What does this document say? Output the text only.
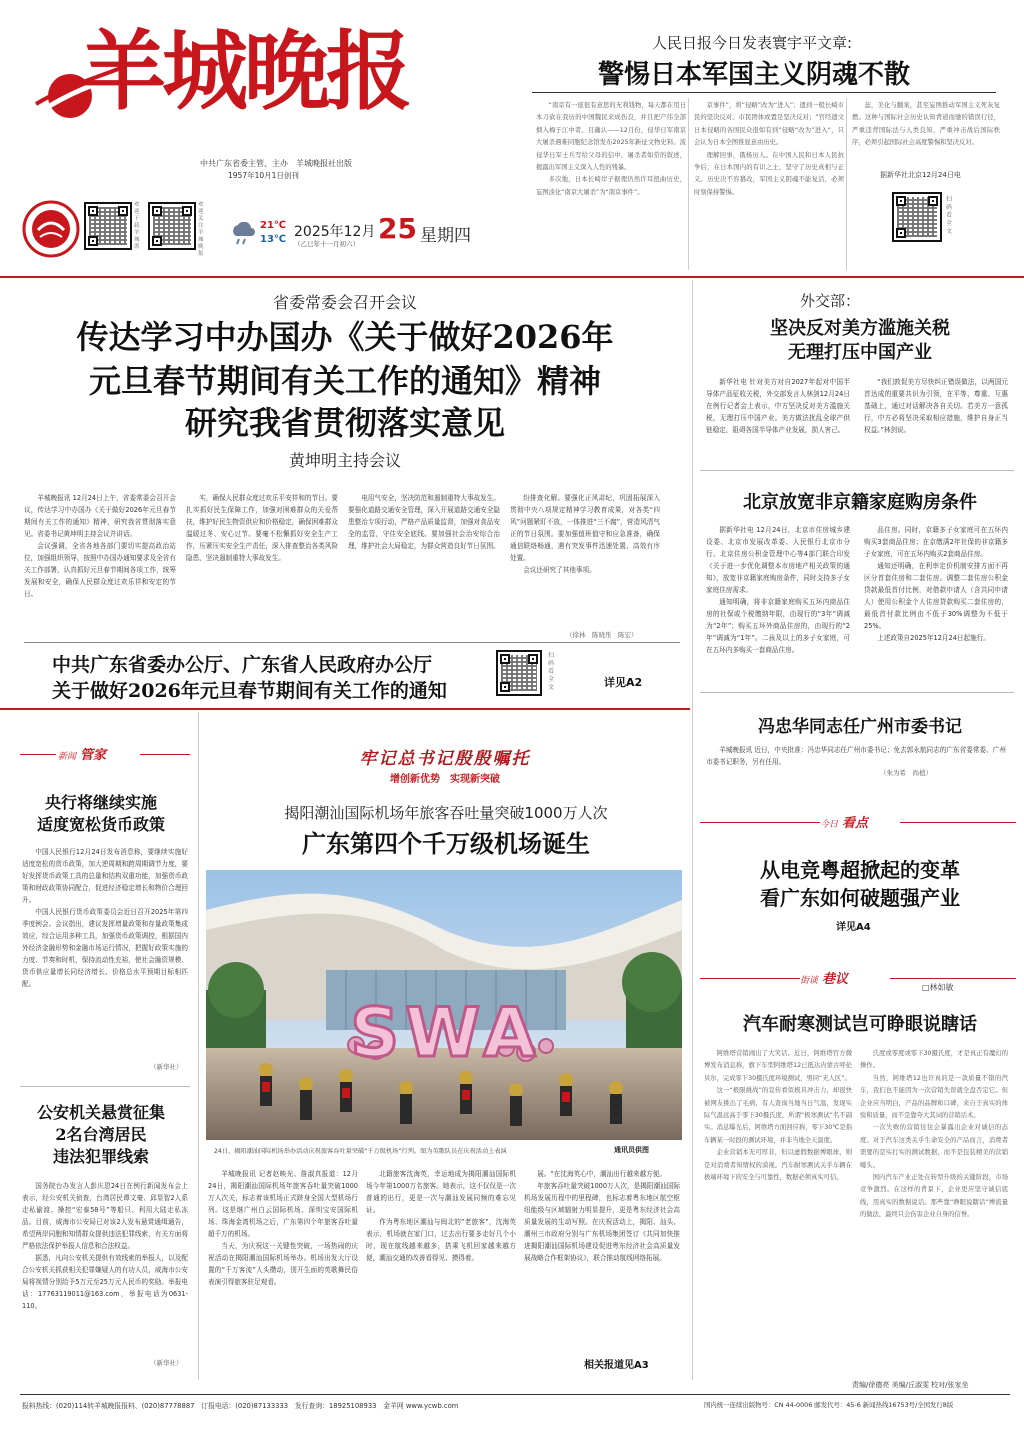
羊城晚报
中共广东省委主管、主办　羊城晚报社出版
1957年10月1日创刊
欢迎下载羊城派
欢迎关注羊城晚报
21℃
13℃ 2025年12月
（乙巳年十一月初六） 25 星期四
人民日报今日发表寰宇平文章:
警惕日本军国主义阴魂不散

“南京有一座很有意思的无利钱物，每天都在用日本刀砍在我历的中国魏民来成伤良，并且把产伟全部烟入梅子江中者。且确认——12月份，侵华日军南京大屠杀遇难同胞纪念馆发布2025年新征文物史料。流侵华日军士兵写给父母的信中，屠杀者如常的叙述，揭露出军国主义深入人性的残暴。

多次地，日本长崎岸子据理仍然许耳扭曲历史，妄图淡化“南京大屠杀”为“南京事件”。

京事件”，将“侵略”改为“进入”；遗到一般长崎市民的坚决反对。市民团体或置是坚决反对；“官经遗文日本侵略的各国民众很如有到”侵略“改为”进入“，只会认为日本全图推显意由历史。

理解回事，俄杨历人。在中国人民和日本人民抗争后，在日本国内的有识之士，坚守了历史真相与正义。历史决不容篡改，军国主义阴魂不能复活，必须时刻保持警惕。

蕊，美化与翻案，甚至妄图推动军国主义死灰复燃。这种与国际社会历史认知背道而驰的错误行径，严重违背国际法与人类良知，严重冲击战后国际秩序，必须引起国际社会高度警惕和坚决反对。

据新华社北京12月24日电
扫码看全文
省委常委会召开会议
传达学习中办国办《关于做好2026年
元旦春节期间有关工作的通知》精神
研究我省贯彻落实意见
黄坤明主持会议

羊城晚报讯 12月24日上午，省委常委会召开会议，传达学习中办国办《关于做好2026年元旦春节期间有关工作的通知》精神，研究我省贯彻落实意见。省委书记黄坤明主持会议并讲话。

会议强调，全省各地各部门要切实提高政治站位，加强组织领导，按照中办国办通知要求及全省有关工作部署，认真抓好元旦春节期间各项工作，统筹发展和安全，确保人民群众度过欢乐祥和安定的节日。

实，确保人民群众度过欢乐平安祥和的节日。要扎实抓好民生保障工作，加强对困难群众的关爱帮扶，维护好民生物资供应和价格稳定，确保困难群众温暖过冬、安心过节。要毫不松懈抓好安全生产工作，压紧压实安全生产责任，深入排查整治各类风险隐患，坚决遏制重特大事故发生。

电用气安全，坚决防范和遏制重特大事故发生。要强化道路交通安全管理，深入开展道路交通安全隐患整治专项行动，严格产品质量监督，加强对食品安全的监管，守住安全底线。要加强社会治安综合治理，维护社会大局稳定，为群众营造良好节日氛围。

纷排查化解。要强化正风肃纪，巩固拓展深入贯彻中央八项规定精神学习教育成果，对各类“四风”问题紧盯不放，一体推进“三不腐”，营造风清气正的节日氛围。要加强值班值守和应急准备，确保通信联络畅通，遇有突发事件迅速处置、高效有序处置。

会议还研究了其他事项。

（徐林　陈晓彤　陈宏）
中共广东省委办公厅、广东省人民政府办公厅
关于做好2026年元旦春节期间有关工作的通知
扫码看全文	详见A2
外交部：
坚决反对美方滥施关税
无理打压中国产业

新华社电 针对美方对自2027年起对中国半导体产品征收关税，外交部发言人林剑12月24日在例行记者会上表示，中方坚决反对美方滥施关税，无理打压中国产业。美方做法扰乱全球产供链稳定，阻碍各国半导体产业发展，损人害己。

“我们敦促美方尽快纠正错误做法，以两国元首达成的重要共识为引领，在平等、尊重、互惠基础上，通过对话解决各自关切。若美方一意孤行，中方必将坚决采取相应措施，维护自身正当权益。”林剑说。

北京放宽非京籍家庭购房条件

据新华社电 12月24日，北京市住房城乡建设委、北京市发展改革委、人民银行北京市分行、北京住房公积金管理中心等4部门联合印发《关于进一步优化调整本市房地产相关政策的通知》，放宽非京籍家庭购房条件，同时支持多子女家庭住房需求。

通知明确，将非京籍家庭购买五环内商品住房的社保或个税缴纳年限，由现行的“3年”调减为“2年”；购买五环外商品住房的，由现行的“2年”调减为“1年”。二孩及以上的多子女家庭，可在五环内多购买一套商品住房。

品住房。同时，京籍多子女家庭可在五环内购买3套商品住房；在京缴满2年社保的非京籍多子女家庭，可在五环内购买2套商品住房。

通知还明确，在利率定价机制安排方面不再区分首套住房和二套住房。调整二套住房公积金贷款最低首付比例，对借款申请人（含共同申请人）使用公积金个人住房贷款购买二套住房的，最低首付款比例由不低于30%调整为不低于25%。

上述政策自2025年12月24日起施行。

冯忠华同志任广州市委书记

羊城晚报讯 近日，中央批准：冯忠华同志任广州市委书记；免去郭永航同志的广东省委常委、广州市委书记职务，另有任用。

（朱为希　尚植）
今日 看点
从电竞粤超掀起的变革
看广东如何破题强产业
详见A4
街谈 巷议
□林如敏
汽车耐寒测试岂可睁眼说瞎话

阿维塔营销闹出了大笑话。近日，阿维塔官方微博发布消息称，旗下车型阿维塔12已抵达内蒙古呼伦贝尔，完成零下30摄氏度环境测试，男同“无人区”。

这一“极限挑战”的宣传看似极具冲击力，却很快被网友挑出了毛病，有人查询当地当日气温，发现实际气温远高于零下30摄氏度，所谓“极寒测试”名不副实。消息曝光后，阿维塔方面回应称，零下30℃是指车辆某一时段的测试环境，并非当地全天温度。

企业营销本无可厚非，但以虚假数据博眼球，则是对消费者知情权的漠视。汽车耐寒测试关乎车辆在极端环境下的安全与可靠性，数据必须真实可信。

氏度或零度或零下30摄氏度，才是真正有魔幻的操作。

当然，阿维塔12也许真的是一款质量不错的汽车，我们也不能因为一次营销失误就全盘否定它。但企业应当明白，产品的品牌和口碑，来自于真实的体验和质量，而不是靠夸大其词的营销话术。

一次失败的营销往往会暴露出企业对诚信的态度。对于汽车这类关乎生命安全的产品而言，消费者需要的是实打实的测试数据，而不是包装精美的营销噱头。

国内汽车产业正处在转型升级的关键阶段，市场竞争激烈。在这样的背景下，企业更应坚守诚信底线，用真实的数据说话。那些靠“睁眼说瞎话”博流量的做法，最终只会伤害企业自身的信誉。

新闻 管家
央行将继续实施
适度宽松货币政策

中国人民银行12月24日发布消息称，要继续实施好适度宽松的货币政策，加大逆周期和跨周期调节力度，要好发挥货币政策工具的总量和结构双重功能，加强货币政策和财政政策协同配合，促进经济稳定增长和物价合理回升。

中国人民银行货币政策委员会近日召开2025年第四季度例会。会议指出，建议发挥增量政策和存量政策集成效应，综合运用多种工具，加强货币政策调控，根据国内外经济金融形势和金融市场运行情况，把握好政策实施的力度、节奏和时机，保持流动性充裕，使社会融资规模、货币供应量增长同经济增长、价格总水平预期目标相匹配。

（新华社）
公安机关悬赏征集
2名台湾居民
违法犯罪线索

国务院台办发言人彭庆恩24日在例行新闻发布会上表示，经公安机关侦查，台湾居民谭文豪、邱显智2人系走私偷渡、操控“宏泰58号”等船只、利用大陆走私冻品。目前，威海市公安局已对该2人发布悬赏通缉通告，希望两岸同胞和知情群众提供违法犯罪线索，有关方面将严格依法保护举报人信息和合法权益。

据悉，凡向公安机关提供有效线索的举报人，以及配合公安机关抓获相关犯罪嫌疑人的有功人员，威海市公安局将视情分别给予5万元至25万元人民币的奖励。举报电话：17763119011@163.com，举报电话为0631-110。

（新华社）
牢记总书记殷殷嘱托
增创新优势　实现新突破
揭阳潮汕国际机场年旅客吞吐量突破1000万人次
广东第四个千万级机场诞生
SWA
24日，揭阳潮汕国际机场举办活动庆祝旅客吞吐量突破“千万级机场”行列。图为英歌队员在庆祝活动上表演	通讯员供图

羊城晚报讯 记者赵映光、詹淑真报道：12月24日，揭阳潮汕国际机场年旅客吞吐量突破1000万人次关，标志着该机场正式跻身全国大型机场行列。这是继广州白云国际机场、深圳宝安国际机场、珠海金湾机场之后，广东第四个年旅客吞吐量超千万的机场。

当天，为庆祝这一关键性突破，一场热闹的庆祝活动在揭阳潮汕国际机场举办。机场出发大厅设置的“千万客流”人头攒动，别开生面的英歌舞民俗表演引得旅客驻足观看。

北籍旅客沈海英，幸运地成为揭阳潮汕国际机场今年第1000万名旅客。她表示，这不仅仅是一次普通的出行，更是一次与潮汕发展同频的难忘见证。

作为粤东地区潮汕与闽北的“老旅客”，沈海英表示，机场就在家门口，过去出行要多走好几个小时，现在航线越来越多，搭乘飞机回家越来越方便，潮汕交通的改善看得见、摸得着。

展。“在沈海英心中，潮汕出行越来越方便。

年旅客吞吐量突破1000万人次，是揭阳潮汕国际机场发展历程中的里程碑，也标志着粤东地区航空枢纽能级与区域辐射力明显提升，更是粤东经济社会高质量发展的生动写照。在庆祝活动上，揭阳、汕头、潮州三市政府分别与广东机场集团签订《共同加快推进揭阳潮汕国际机场建设促进粤东经济社会高质量发展战略合作框架协议》，联合推动航线网络拓展。

相关报道见A3
责编/徐德亮 美编/丘淑雯 校对/张家坐
报料热线：(020)114转羊城晚报报料、(020)87778887　订报电话：(020)87133333　发行查询：18925108933　金羊网 www.ycwb.com	国内统一连续出版物号：CN 44-0006 邮发代号：45-6 新闻热线16753号/全国发行8版
